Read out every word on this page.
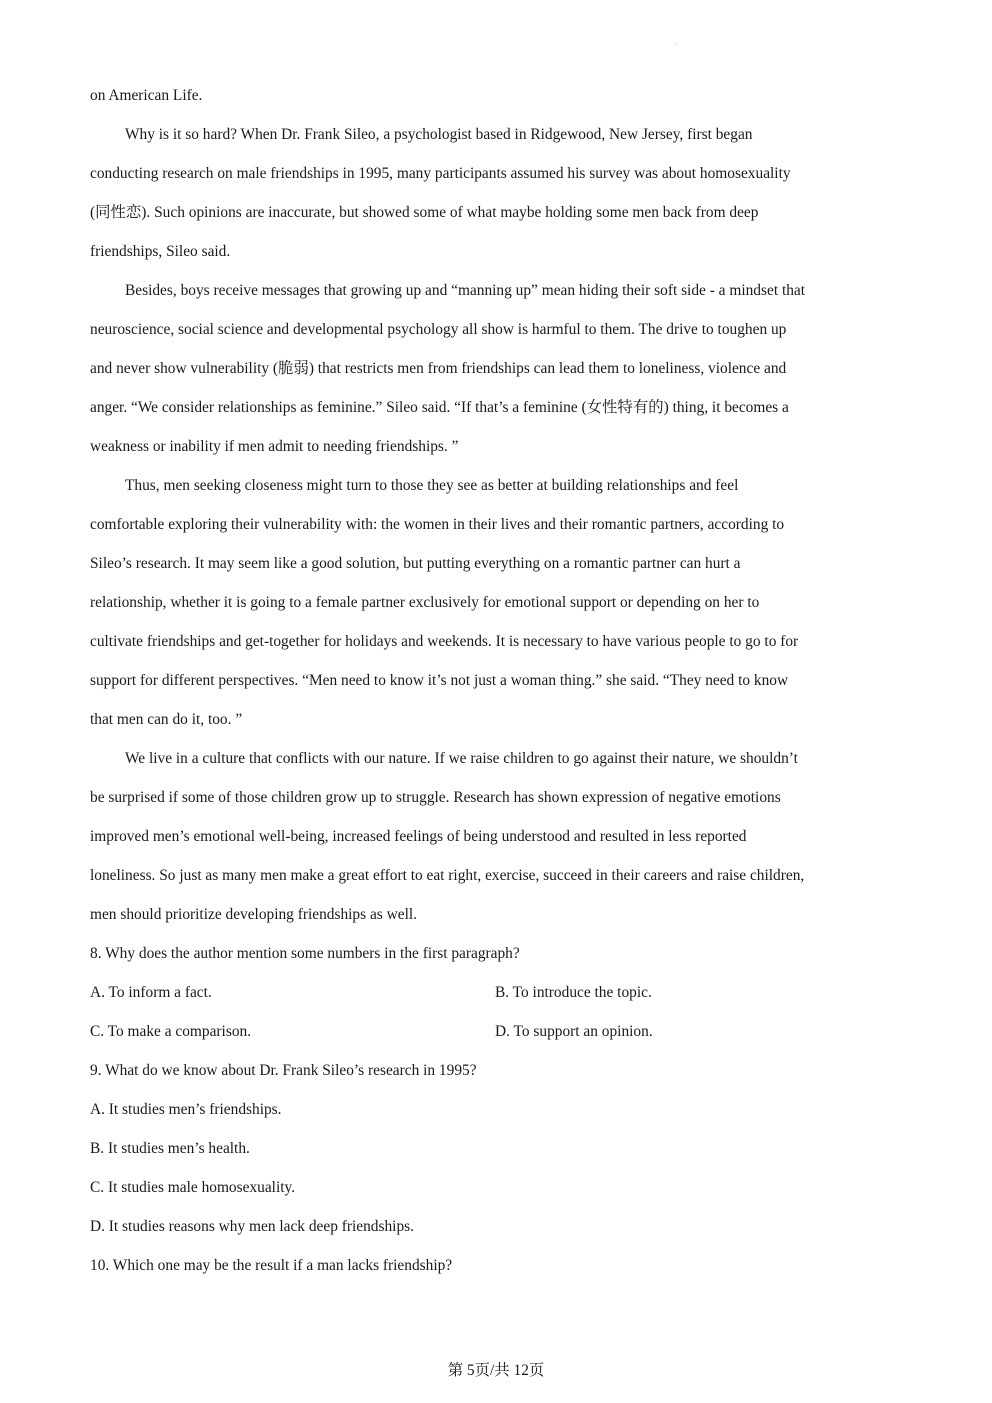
on American Life.
Why is it so hard? When Dr. Frank Sileo, a psychologist based in Ridgewood, New Jersey, first began
conducting research on male friendships in 1995, many participants assumed his survey was about homosexuality
(同性恋). Such opinions are inaccurate, but showed some of what maybe holding some men back from deep
friendships, Sileo said.
Besides, boys receive messages that growing up and “manning up” mean hiding their soft side - a mindset that
neuroscience, social science and developmental psychology all show is harmful to them. The drive to toughen up
and never show vulnerability (脆弱) that restricts men from friendships can lead them to loneliness, violence and
anger. “We consider relationships as feminine.” Sileo said. “If that’s a feminine (女性特有的) thing, it becomes a
weakness or inability if men admit to needing friendships. ”
Thus, men seeking closeness might turn to those they see as better at building relationships and feel
comfortable exploring their vulnerability with: the women in their lives and their romantic partners, according to
Sileo’s research. It may seem like a good solution, but putting everything on a romantic partner can hurt a
relationship, whether it is going to a female partner exclusively for emotional support or depending on her to
cultivate friendships and get-together for holidays and weekends. It is necessary to have various people to go to for
support for different perspectives. “Men need to know it’s not just a woman thing.” she said. “They need to know
that men can do it, too. ”
We live in a culture that conflicts with our nature. If we raise children to go against their nature, we shouldn’t
be surprised if some of those children grow up to struggle. Research has shown expression of negative emotions
improved men’s emotional well-being, increased feelings of being understood and resulted in less reported
loneliness. So just as many men make a great effort to eat right, exercise, succeed in their careers and raise children,
men should prioritize developing friendships as well.
8. Why does the author mention some numbers in the first paragraph?
A. To inform a fact.	B. To introduce the topic.
C. To make a comparison.	D. To support an opinion.
9. What do we know about Dr. Frank Sileo’s research in 1995?
A. It studies men’s friendships.
B. It studies men’s health.
C. It studies male homosexuality.
D. It studies reasons why men lack deep friendships.
10. Which one may be the result if a man lacks friendship?
第 5页/共 12页
